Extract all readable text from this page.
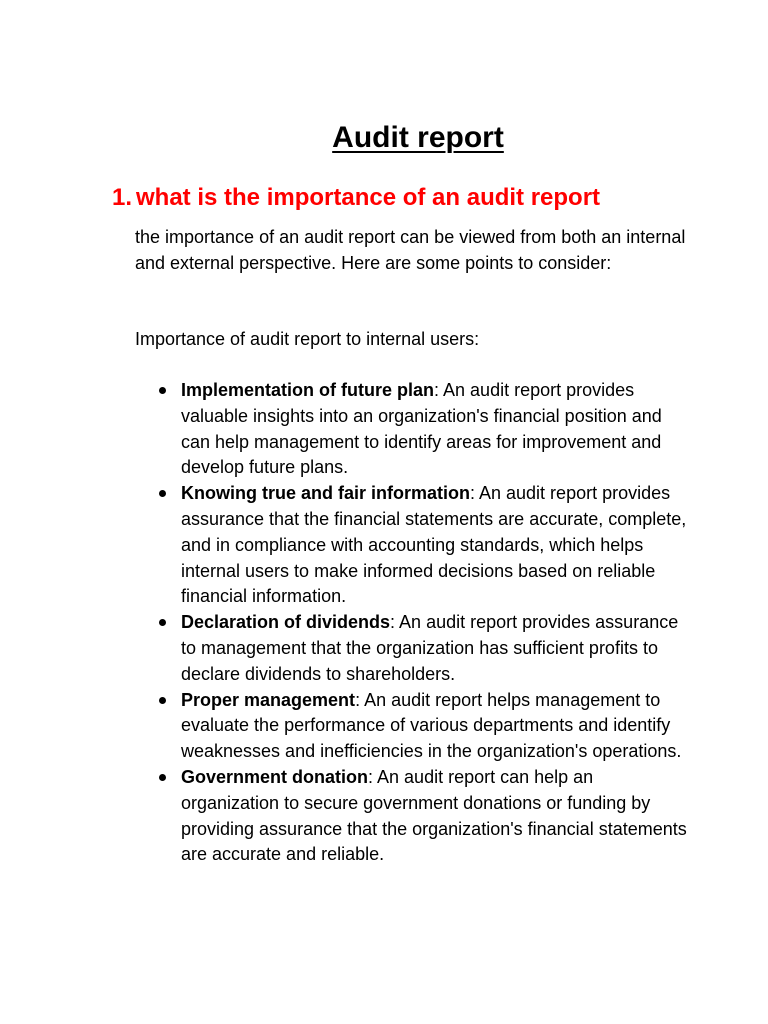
Audit report
1. what is the importance of an audit report

the importance of an audit report can be viewed from both an internal and external perspective. Here are some points to consider:

Importance of audit report to internal users:

Implementation of future plan: An audit report provides valuable insights into an organization's financial position and can help management to identify areas for improvement and develop future plans.
Knowing true and fair information: An audit report provides assurance that the financial statements are accurate, complete, and in compliance with accounting standards, which helps internal users to make informed decisions based on reliable financial information.
Declaration of dividends: An audit report provides assurance to management that the organization has sufficient profits to declare dividends to shareholders.
Proper management: An audit report helps management to evaluate the performance of various departments and identify weaknesses and inefficiencies in the organization's operations.
Government donation: An audit report can help an organization to secure government donations or funding by providing assurance that the organization's financial statements are accurate and reliable.
